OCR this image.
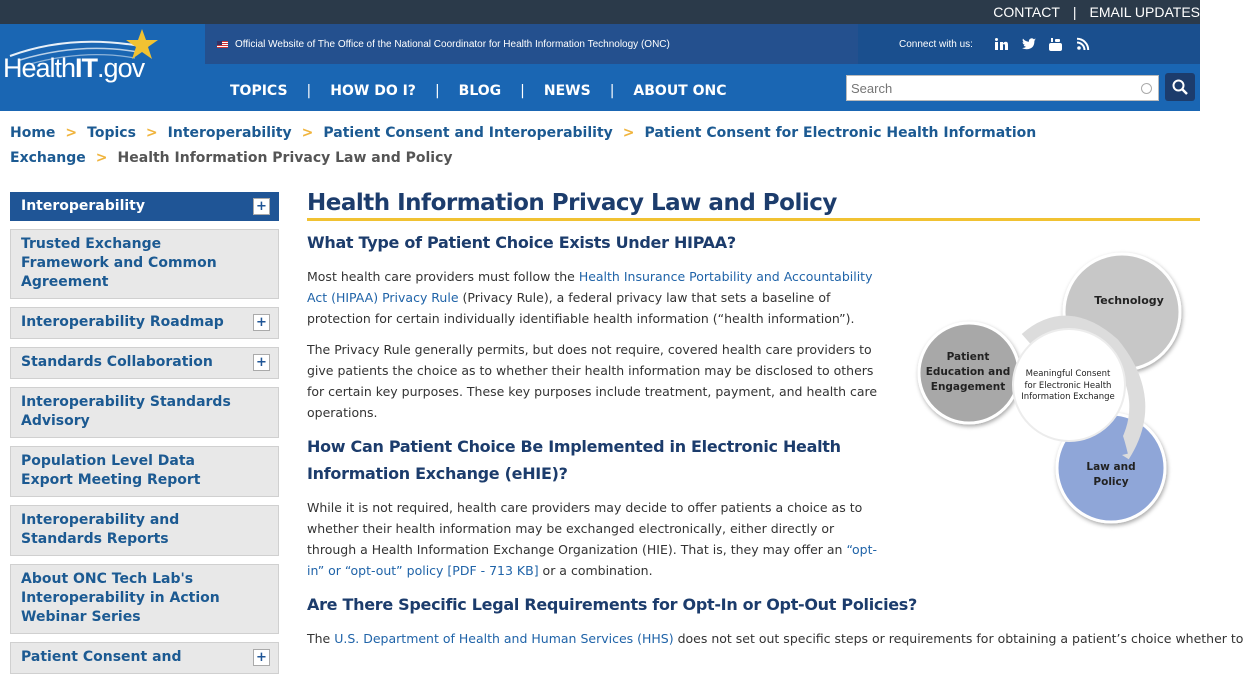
CONTACT | EMAIL UPDATES
HealthIT.gov
Official Website of The Office of the National Coordinator for Health Information Technology (ONC)	Connect with us:
TOPICS | HOW DO I? | BLOG | NEWS | ABOUT ONC
Search
Home > Topics > Interoperability > Patient Consent and Interoperability > Patient Consent for Electronic Health Information Exchange > Health Information Privacy Law and Policy
Interoperability	+
Trusted Exchange Framework and Common Agreement
Interoperability Roadmap +
Standards Collaboration	+
Interoperability Standards Advisory
Population Level Data Export Meeting Report
Interoperability and Standards Reports
About ONC Tech Lab's Interoperability in Action Webinar Series
Patient Consent and	+
Health Information Privacy Law and Policy
What Type of Patient Choice Exists Under HIPAA?

Most health care providers must follow the Health Insurance Portability and Accountability Act (HIPAA) Privacy Rule (Privacy Rule), a federal privacy law that sets a baseline of protection for certain individually identifiable health information (“health information”).

The Privacy Rule generally permits, but does not require, covered health care providers to give patients the choice as to whether their health information may be disclosed to others for certain key purposes. These key purposes include treatment, payment, and health care operations.

How Can Patient Choice Be Implemented in Electronic Health Information Exchange (eHIE)?

While it is not required, health care providers may decide to offer patients a choice as to whether their health information may be exchanged electronically, either directly or through a Health Information Exchange Organization (HIE). That is, they may offer an “opt-in” or “opt-out” policy [PDF - 713 KB] or a combination.

Are There Specific Legal Requirements for Opt-In or Opt-Out Policies?

The U.S. Department of Health and Human Services (HHS) does not set out specific steps or requirements for obtaining a patient’s choice whether to

Technology
Patient
Education and
Engagement
Meaningful Consent
for Electronic Health
Information Exchange
Law and
Policy
